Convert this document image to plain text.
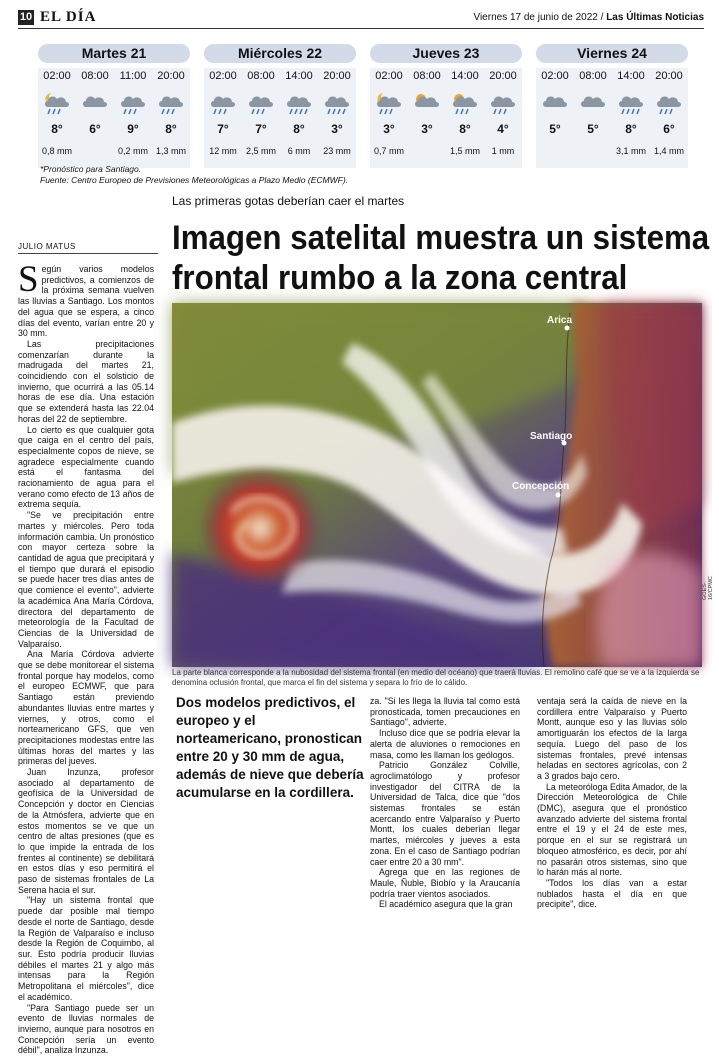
10 EL DÍA	Viernes 17 de junio de 2022 / Las Últimas Noticias
Martes 21
02:00
8°
0,8 mm
08:00
6°
11:00
9°
0,2 mm
20:00
8°
1,3 mm
Miércoles 22
02:00
7°
12 mm
08:00
7°
2,5 mm
14:00
8°
6 mm
20:00
3°
23 mm
Jueves 23
02:00
3°
0,7 mm
08:00
3°
14:00
8°
1,5 mm
20:00
4°
1 mm
Viernes 24
02:00
5°
08:00
5°
14:00
8°
3,1 mm
20:00
6°
1,4 mm
*Pronóstico para Santiago.
Fuente: Centro Europeo de Previsiones Meteorológicas a Plazo Medio (ECMWF).
Las primeras gotas deberían caer el martes
Imagen satelital muestra un sistema
frontal rumbo a la zona central
JULIO MATUS

Según varios modelos predictivos, a comienzos de la próxima semana vuelven las lluvias a Santiago. Los montos del agua que se espera, a cinco días del evento, varían entre 20 y 30 mm.

Las precipitaciones comenzarían durante la madrugada del martes 21, coincidiendo con el solsticio de invierno, que ocurrirá a las 05.14 horas de ese día. Una estación que se extenderá hasta las 22.04 horas del 22 de septiembre.

Lo cierto es que cualquier gota que caiga en el centro del país, especialmente copos de nieve, se agradece especialmente cuando está el fantasma del racionamiento de agua para el verano como efecto de 13 años de extrema sequía.

"Se ve precipitación entre martes y miércoles. Pero toda información cambia. Un pronóstico con mayor certeza sobre la cantidad de agua que precipitará y el tiempo que durará el episodio se puede hacer tres días antes de que comience el evento", advierte la académica Ana María Córdova, directora del departamento de meteorología de la Facultad de Ciencias de la Universidad de Valparaíso.

Ana María Córdova advierte que se debe monitorear el sistema frontal porque hay modelos, como el europeo ECMWF, que para Santiago están previendo abundantes lluvias entre martes y viernes, y otros, como el norteamericano GFS, que ven precipitaciones modestas entre las últimas horas del martes y las primeras del jueves.

Juan Inzunza, profesor asociado al departamento de geofísica de la Universidad de Concepción y doctor en Ciencias de la Atmósfera, advierte que en estos momentos se ve que un centro de altas presiones (que es lo que impide la entrada de los frentes al continente) se debilitará en estos días y eso permitirá el paso de sistemas frontales de La Serena hacia el sur.

"Hay un sistema frontal que puede dar posible mal tiempo desde el norte de Santiago, desde la Región de Valparaíso e incluso desde la Región de Coquimbo, al sur. Esto podría producir lluvias débiles el martes 21 y algo más intensas para la Región Metropolitana el miércoles", dice el académico.

"Para Santiago puede ser un evento de lluvias normales de invierno, aunque para nosotros en Concepción sería un evento débil", analiza Inzunza.

Arica
Santiago
Concepción
GOES-16/CPMC
La parte blanca corresponde a la nubosidad del sistema frontal (en medio del océano) que traerá lluvias. El remolino café que se ve a la izquierda se denomina oclusión frontal, que marca el fin del sistema y separa lo frío de lo cálido.
Dos modelos predictivos, el europeo y el norteamericano, pronostican entre 20 y 30 mm de agua, además de nieve que debería acumularse en la cordillera.

za. "Si les llega la lluvia tal como está pronosticada, tomen precauciones en Santiago", advierte.

Incluso dice que se podría elevar la alerta de aluviones o remociones en masa, como les llaman los geólogos.

Patricio González Colville, agroclimatólogo y profesor investigador del CITRA de la Universidad de Talca, dice que "dos sistemas frontales se están acercando entre Valparaíso y Puerto Montt, los cuales deberían llegar martes, miércoles y jueves a esta zona. En el caso de Santiago podrían caer entre 20 a 30 mm".

Agrega que en las regiones de Maule, Ñuble, Biobío y la Araucanía podría traer vientos asociados.

El académico asegura que la gran

ventaja será la caída de nieve en la cordillera entre Valparaíso y Puerto Montt, aunque eso y las lluvias sólo amortiguarán los efectos de la larga sequía. Luego del paso de los sistemas frontales, prevé intensas heladas en sectores agrícolas, con 2 a 3 grados bajo cero.

La meteoróloga Edita Amador, de la Dirección Meteorológica de Chile (DMC), asegura que el pronóstico avanzado advierte del sistema frontal entre el 19 y el 24 de este mes, porque en el sur se registrará un bloqueo atmosférico, es decir, por ahí no pasarán otros sistemas, sino que lo harán más al norte.

"Todos los días van a estar nublados hasta el día en que precipite", dice.
